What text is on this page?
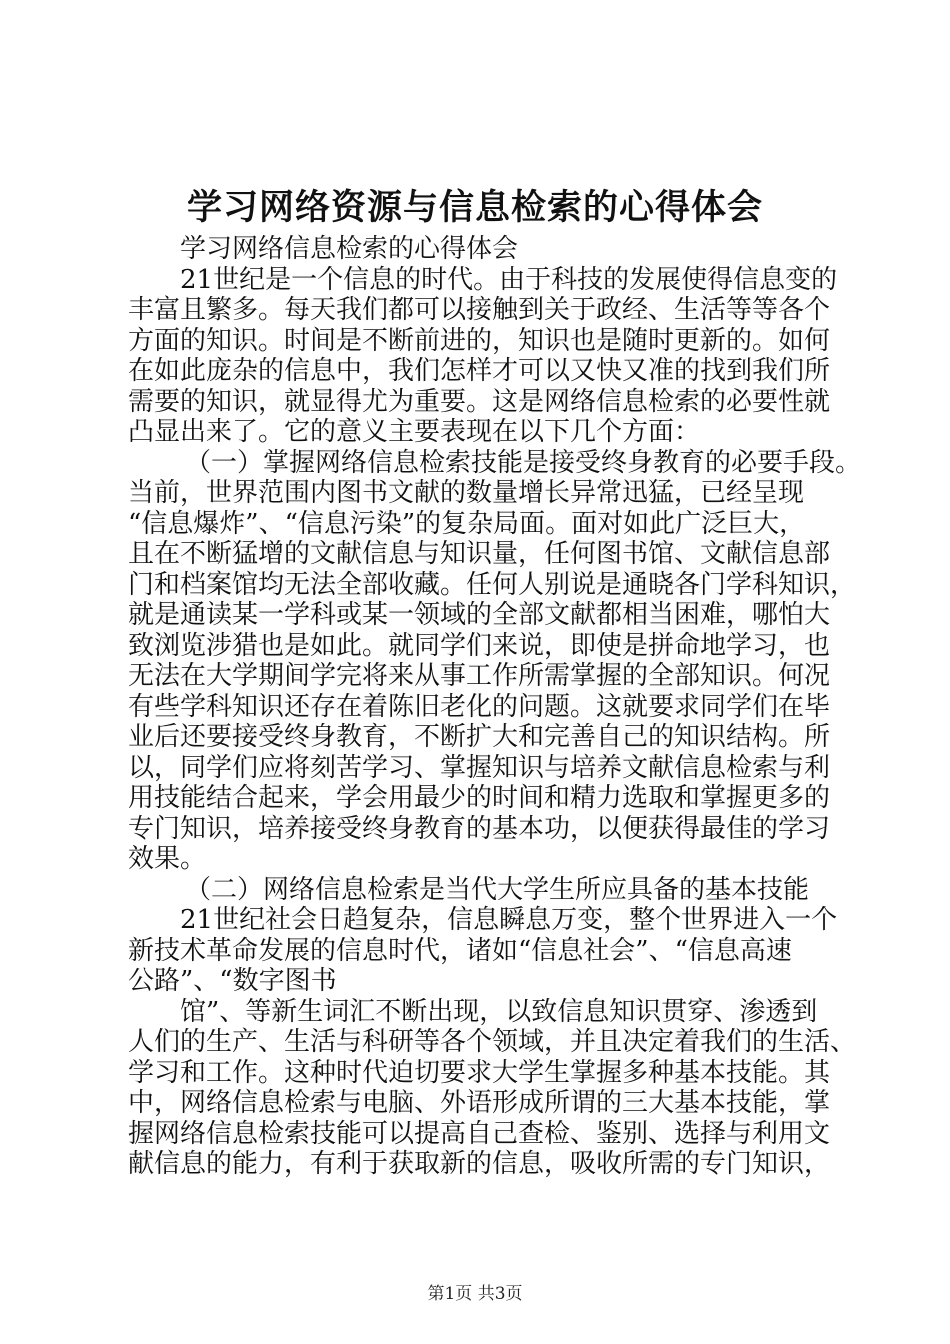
学习网络资源与信息检索的心得体会
学习网络信息检索的心得体会
21世纪是一个信息的时代。由于科技的发展使得信息变的
丰富且繁多。每天我们都可以接触到关于政经、生活等等各个
方面的知识。时间是不断前进的，知识也是随时更新的。如何
在如此庞杂的信息中，我们怎样才可以又快又准的找到我们所
需要的知识，就显得尤为重要。这是网络信息检索的必要性就
凸显出来了。它的意义主要表现在以下几个方面：
（一）掌握网络信息检索技能是接受终身教育的必要手段。
当前，世界范围内图书文献的数量增长异常迅猛，已经呈现
“信息爆炸”、“信息污染”的复杂局面。面对如此广泛巨大，
且在不断猛增的文献信息与知识量，任何图书馆、文献信息部
门和档案馆均无法全部收藏。任何人别说是通晓各门学科知识，
就是通读某一学科或某一领域的全部文献都相当困难，哪怕大
致浏览涉猎也是如此。就同学们来说，即使是拼命地学习，也
无法在大学期间学完将来从事工作所需掌握的全部知识。何况
有些学科知识还存在着陈旧老化的问题。这就要求同学们在毕
业后还要接受终身教育，不断扩大和完善自己的知识结构。所
以，同学们应将刻苦学习、掌握知识与培养文献信息检索与利
用技能结合起来，学会用最少的时间和精力选取和掌握更多的
专门知识，培养接受终身教育的基本功，以便获得最佳的学习
效果。
（二）网络信息检索是当代大学生所应具备的基本技能
21世纪社会日趋复杂，信息瞬息万变，整个世界进入一个
新技术革命发展的信息时代，诸如“信息社会”、“信息高速
公路”、“数字图书
馆”、等新生词汇不断出现，以致信息知识贯穿、渗透到
人们的生产、生活与科研等各个领域，并且决定着我们的生活、
学习和工作。这种时代迫切要求大学生掌握多种基本技能。其
中，网络信息检索与电脑、外语形成所谓的三大基本技能，掌
握网络信息检索技能可以提高自己查检、鉴别、选择与利用文
献信息的能力，有利于获取新的信息，吸收所需的专门知识，
第1页 共3页
